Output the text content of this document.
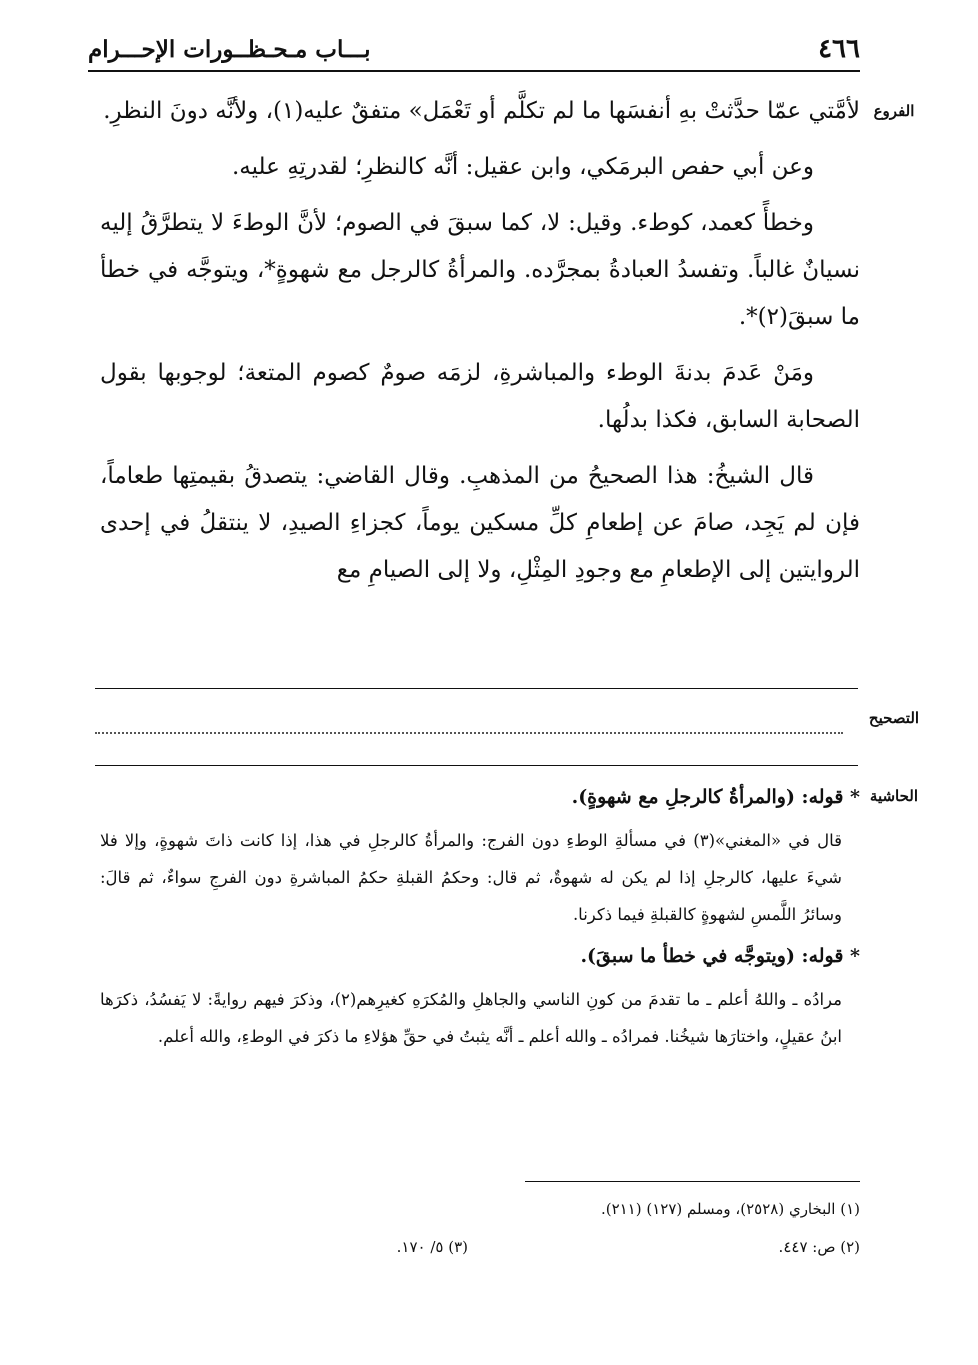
٤٦٦
بـــاب مـحـظــورات الإحـــرام
الفروع
التصحيح
الحاشية

لأمَّتي عمّا حدَّثتْ بهِ أنفسَها ما لم تكلَّم أو تَعْمَل» متفقٌ عليه(١)، ولأنَّه دونَ النظرِ.

وعن أبي حفص البرمَكي، وابن عقيل: أنَّه كالنظرِ؛ لقدرتِهِ عليه.

وخطأً كعمد، كوطء. وقيل: لا، كما سبقَ في الصوم؛ لأنَّ الوطءَ لا يتطرَّقُ إليه نسيانٌ غالباً. وتفسدُ العبادةُ بمجرَّده. والمرأةُ كالرجل مع شهوةٍ*، ويتوجَّه في خطأ ما سبقَ(٢)*.

ومَنْ عَدمَ بدنةَ الوطء والمباشرةِ، لزمَه صومٌ كصوم المتعة؛ لوجوبها بقول الصحابة السابق، فكذا بدلُها.

قال الشيخُ: هذا الصحيحُ من المذهبِ. وقال القاضي: يتصدقُ بقيمتِها طعاماً، فإن لم يَجِد، صامَ عن إطعامِ كلِّ مسكين يوماً، كجزاءِ الصيدِ، لا ينتقلُ في إحدى الروايتين إلى الإطعامِ مع وجودِ المِثْلِ، ولا إلى الصيامِ مع

* قوله: (والمرأةُ كالرجلِ مع شهوةٍ).

قال في «المغني»(٣) في مسألةِ الوطءِ دون الفرج: والمرأةُ كالرجلِ في هذا، إذا كانت ذاتَ شهوةٍ، وإلا فلا شيءَ عليها، كالرجلِ إذا لم يكن له شهوةٌ، ثم قال: وحكمُ القبلةِ حكمُ المباشرةِ دون الفرجِ سواءٌ، ثم قالَ: وسائرُ اللَّمسِ لشهوةٍ كالقبلةِ فيما ذكرنا.

* قوله: (ويتوجَّه في خطأ ما سبقَ).

مرادُه ـ واللهُ أعلم ـ ما تقدمَ من كونِ الناسي والجاهلِ والمُكرَهِ كغيرِهم(٢)، وذكرَ فيهم روايةً: لا يَفسُدُ، ذكرَها ابنُ عقيلٍ، واختارَها شيخُنا. فمرادُه ـ والله أعلم ـ أنَّه يثبتُ في حقِّ هؤلاءِ ما ذكرَ في الوطءِ، والله أعلم.

(١) البخاري (٢٥٢٨)، ومسلم (١٢٧) (٢١١).
(٢) ص: ٤٤٧.
(٣) ٥/ ١٧٠.
